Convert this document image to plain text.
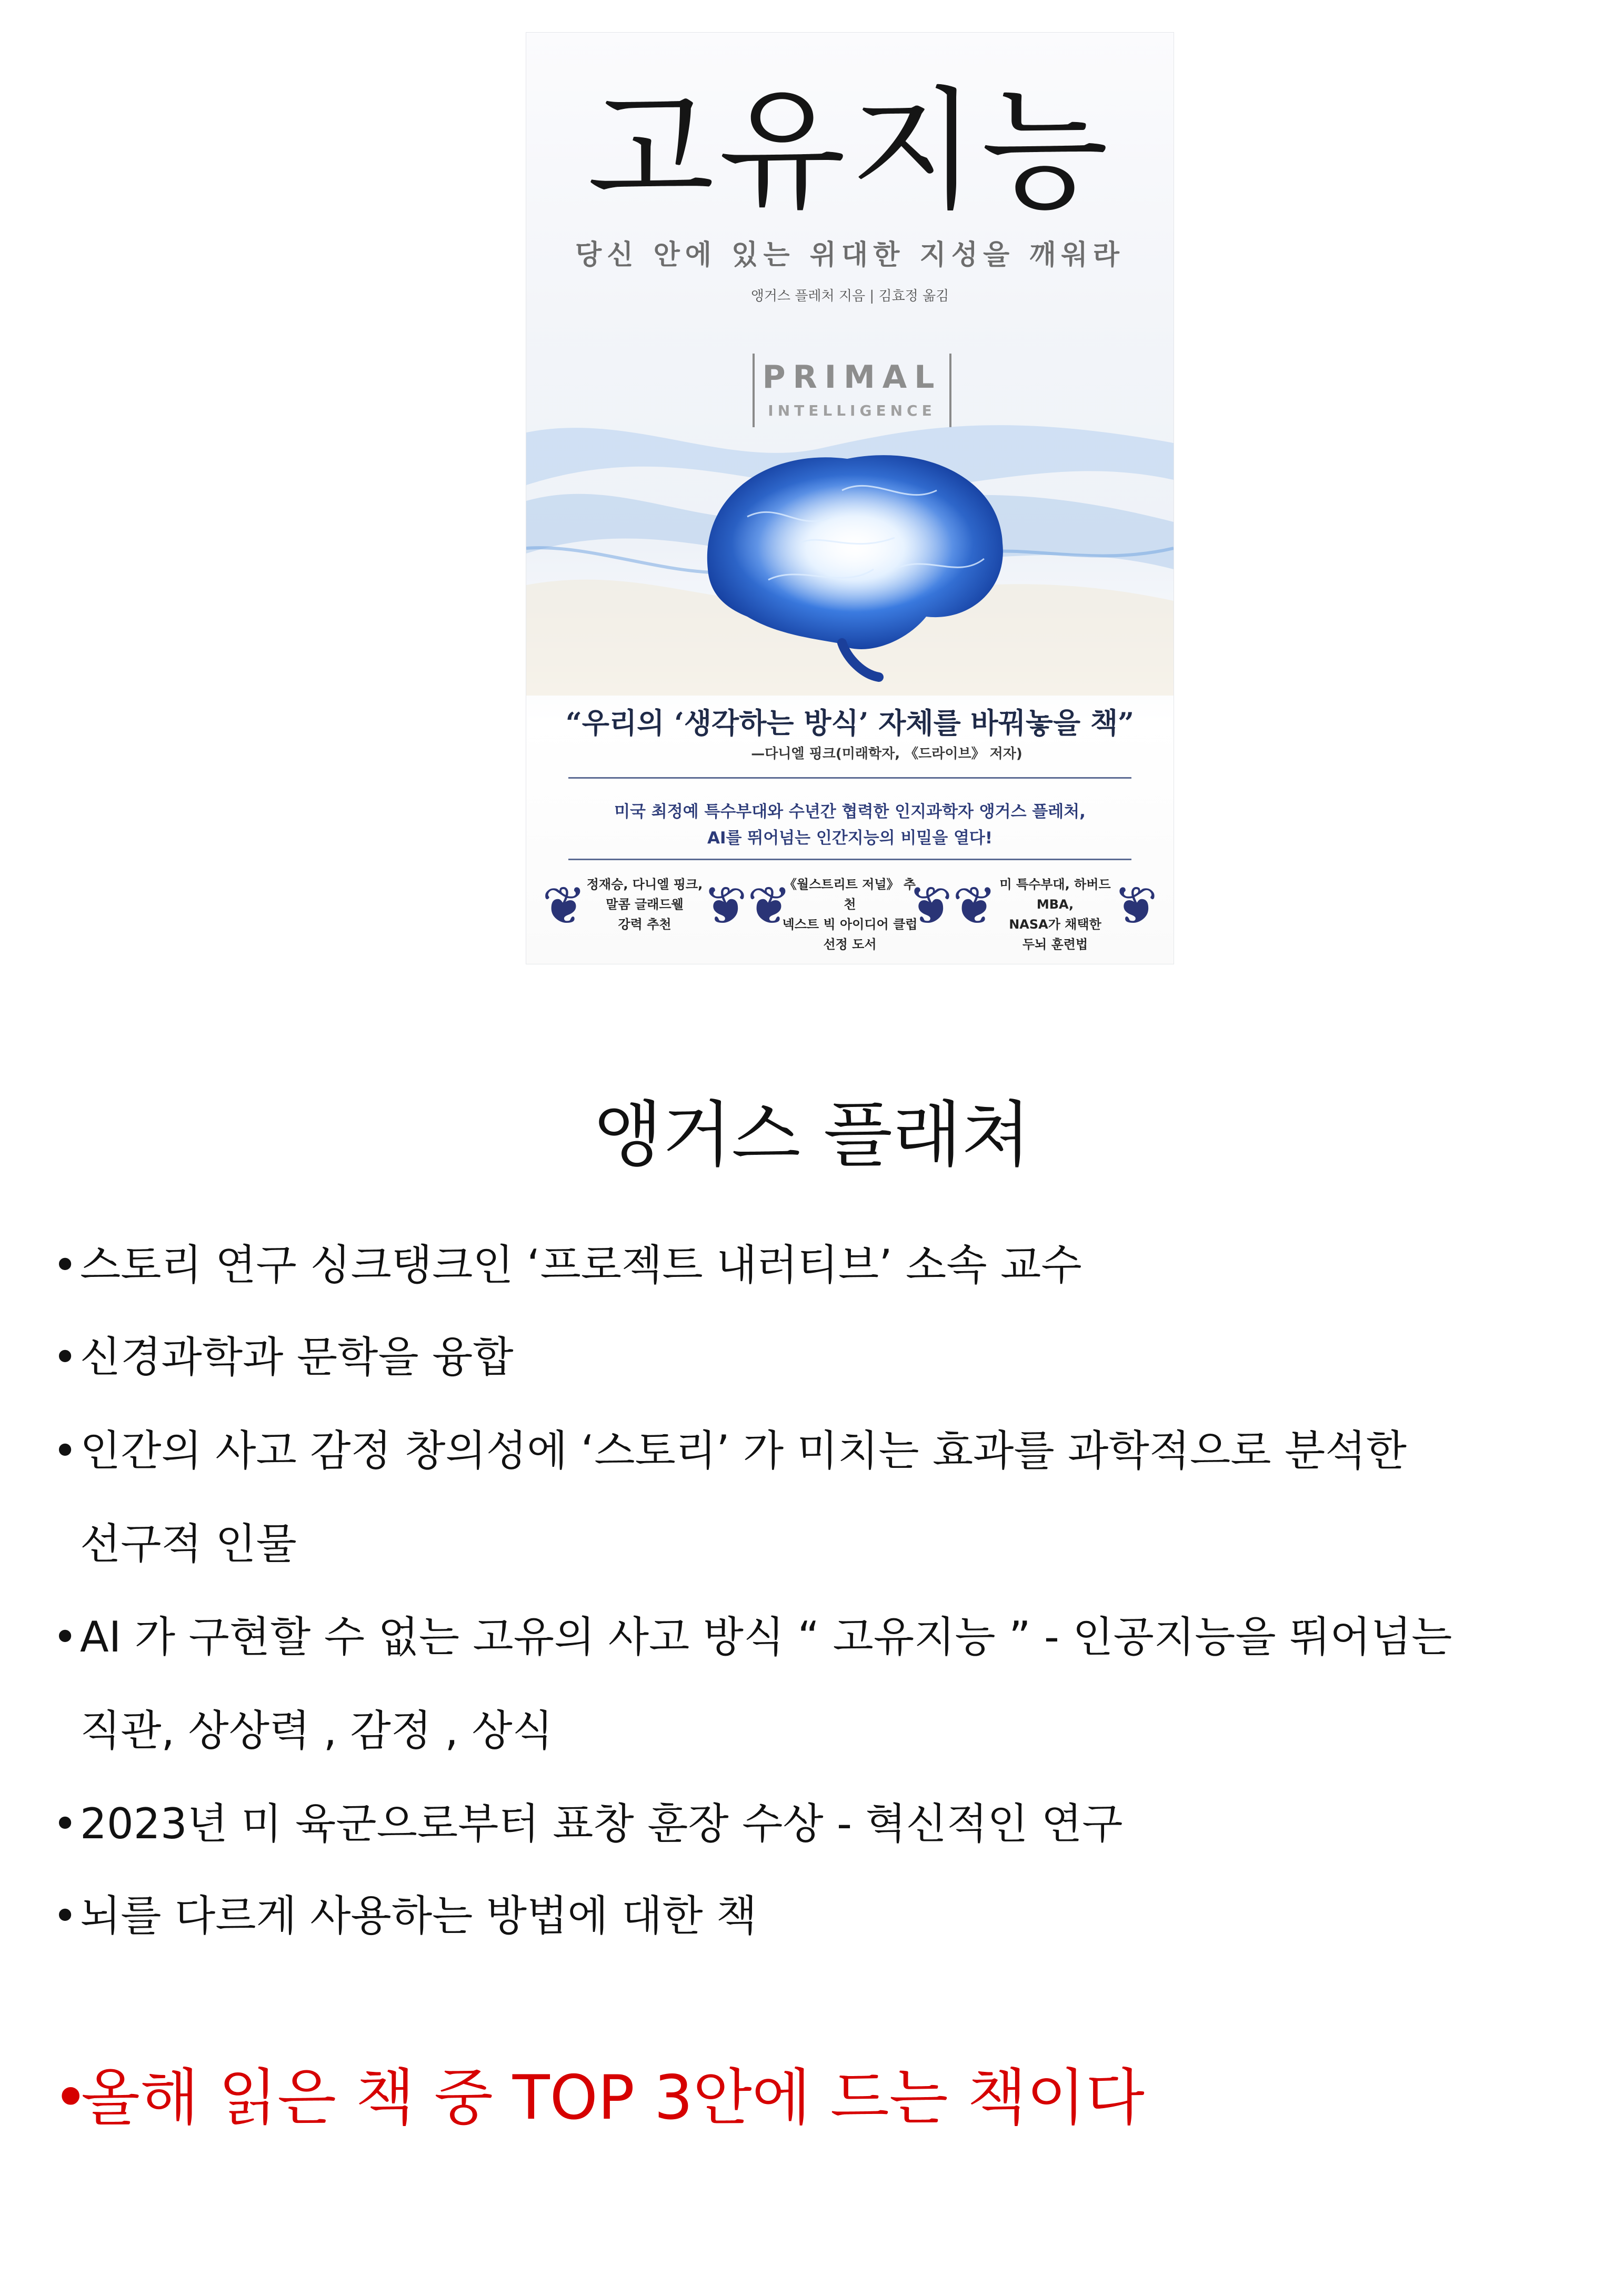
고유지능
당신 안에 있는 위대한 지성을 깨워라
앵거스 플레처 지음 | 김효정 옮김
PRIMAL
INTELLIGENCE
“우리의 ‘생각하는 방식’ 자체를 바꿔놓을 책”
—다니엘 핑크(미래학자, 《드라이브》 저자)
미국 최정예 특수부대와 수년간 협력한 인지과학자 앵거스 플레처,
AI를 뛰어넘는 인간지능의 비밀을 열다!
❦ 정재승, 다니엘 핑크,
말콤 글래드웰
강력 추천 ❦ ❦
《월스트리트 저널》 추천
넥스트 빅 아이디어 클럽
선정 도서
❦ ❦ 미 특수부대, 하버드 MBA,
NASA가 채택한
두뇌 훈련법
❦
앵거스 플래쳐
•스토리 연구 싱크탱크인 ‘프로젝트 내러티브’ 소속 교수
•신경과학과 문학을 융합
•인간의 사고 감정 창의성에 ‘스토리’ 가 미치는 효과를 과학적으로 분석한
선구적 인물
•AI 가 구현할 수 없는 고유의 사고 방식 “ 고유지능 ” - 인공지능을 뛰어넘는
직관, 상상력 , 감정 , 상식
•2023년 미 육군으로부터 표창 훈장 수상 - 혁신적인 연구
•뇌를 다르게 사용하는 방법에 대한 책
•올해 읽은 책 중 TOP 3안에 드는 책이다
